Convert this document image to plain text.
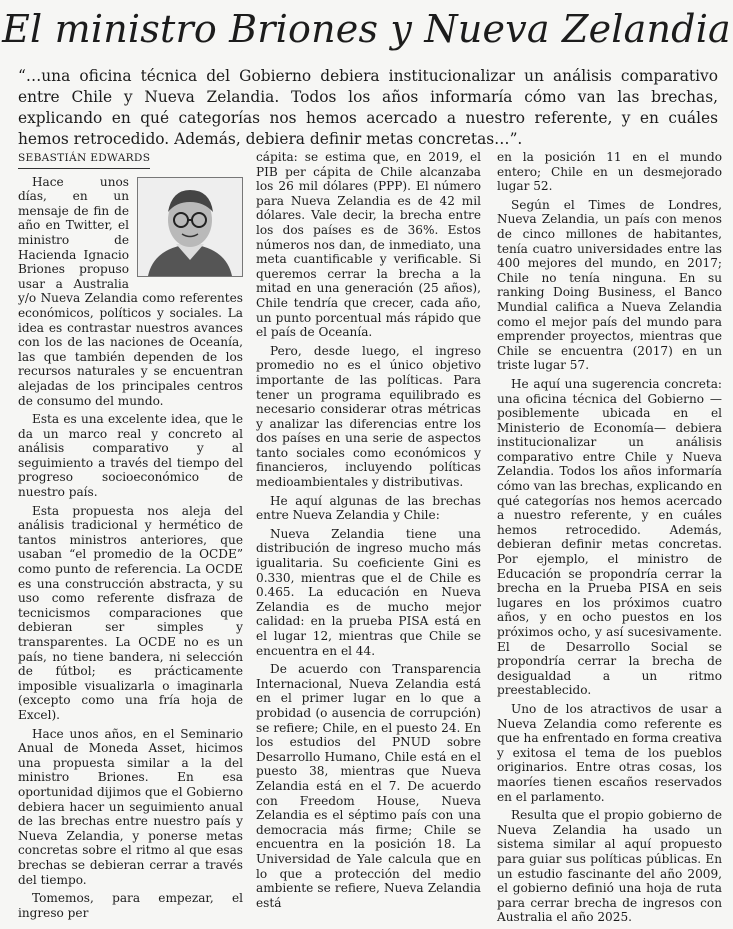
El ministro Briones y Nueva Zelandia
“…una oficina técnica del Gobierno debiera institucionalizar un análisis comparativo entre Chile y Nueva Zelandia. Todos los años informaría cómo van las brechas, explicando en qué categorías nos hemos acercado a nuestro referente, y en cuáles hemos retrocedido. Además, debiera definir metas concretas…”.
SEBASTIÁN EDWARDS

Hace unos días, en un mensaje de fin de año en Twitter, el ministro de Hacienda Ignacio Briones propuso usar a Australia y/o Nueva Zelandia como referentes económicos, políticos y sociales. La idea es contrastar nuestros avances con los de las naciones de Oceanía, las que también dependen de los recursos naturales y se encuentran alejadas de los principales centros de consumo del mundo.

Esta es una excelente idea, que le da un marco real y concreto al análisis comparativo y al seguimiento a través del tiempo del progreso socioeconómico de nuestro país.

Esta propuesta nos aleja del análisis tradicional y hermético de tantos ministros anteriores, que usaban “el promedio de la OCDE” como punto de referencia. La OCDE es una construcción abstracta, y su uso como referente disfraza de tecnicismos comparaciones que debieran ser simples y transparentes. La OCDE no es un país, no tiene bandera, ni selección de fútbol; es prácticamente imposible visualizarla o imaginarla (excepto como una fría hoja de Excel).

Hace unos años, en el Seminario Anual de Moneda Asset, hicimos una propuesta similar a la del ministro Briones. En esa oportunidad dijimos que el Gobierno debiera hacer un seguimiento anual de las brechas entre nuestro país y Nueva Zelandia, y ponerse metas concretas sobre el ritmo al que esas brechas se debieran cerrar a través del tiempo.

Tomemos, para empezar, el ingreso per

cápita: se estima que, en 2019, el PIB per cápita de Chile alcanzaba los 26 mil dólares (PPP). El número para Nueva Zelandia es de 42 mil dólares. Vale decir, la brecha entre los dos países es de 36%. Estos números nos dan, de inmediato, una meta cuantificable y verificable. Si queremos cerrar la brecha a la mitad en una generación (25 años), Chile tendría que crecer, cada año, un punto porcentual más rápido que el país de Oceanía.

Pero, desde luego, el ingreso promedio no es el único objetivo importante de las políticas. Para tener un programa equilibrado es necesario considerar otras métricas y analizar las diferencias entre los dos países en una serie de aspectos tanto sociales como económicos y financieros, incluyendo políticas medioambientales y distributivas.

He aquí algunas de las brechas entre Nueva Zelandia y Chile:

Nueva Zelandia tiene una distribución de ingreso mucho más igualitaria. Su coeficiente Gini es 0.330, mientras que el de Chile es 0.465. La educación en Nueva Zelandia es de mucho mejor calidad: en la prueba PISA está en el lugar 12, mientras que Chile se encuentra en el 44.

De acuerdo con Transparencia Internacional, Nueva Zelandia está en el primer lugar en lo que a probidad (o ausencia de corrupción) se refiere; Chile, en el puesto 24. En los estudios del PNUD sobre Desarrollo Humano, Chile está en el puesto 38, mientras que Nueva Zelandia está en el 7. De acuerdo con Freedom House, Nueva Zelandia es el séptimo país con una democracia más firme; Chile se encuentra en la posición 18. La Universidad de Yale calcula que en lo que a protección del medio ambiente se refiere, Nueva Zelandia está

en la posición 11 en el mundo entero; Chile en un desmejorado lugar 52.

Según el Times de Londres, Nueva Zelandia, un país con menos de cinco millones de habitantes, tenía cuatro universidades entre las 400 mejores del mundo, en 2017; Chile no tenía ninguna. En su ranking Doing Business, el Banco Mundial califica a Nueva Zelandia como el mejor país del mundo para emprender proyectos, mientras que Chile se encuentra (2017) en un triste lugar 57.

He aquí una sugerencia concreta: una oficina técnica del Gobierno —posiblemente ubicada en el Ministerio de Economía— debiera institucionalizar un análisis comparativo entre Chile y Nueva Zelandia. Todos los años informaría cómo van las brechas, explicando en qué categorías nos hemos acercado a nuestro referente, y en cuáles hemos retrocedido. Además, debieran definir metas concretas. Por ejemplo, el ministro de Educación se propondría cerrar la brecha en la Prueba PISA en seis lugares en los próximos cuatro años, y en ocho puestos en los próximos ocho, y así sucesivamente. El de Desarrollo Social se propondría cerrar la brecha de desigualdad a un ritmo preestablecido.

Uno de los atractivos de usar a Nueva Zelandia como referente es que ha enfrentado en forma creativa y exitosa el tema de los pueblos originarios. Entre otras cosas, los maoríes tienen escaños reservados en el parlamento.

Resulta que el propio gobierno de Nueva Zelandia ha usado un sistema similar al aquí propuesto para guiar sus políticas públicas. En un estudio fascinante del año 2009, el gobierno definió una hoja de ruta para cerrar brecha de ingresos con Australia el año 2025.
